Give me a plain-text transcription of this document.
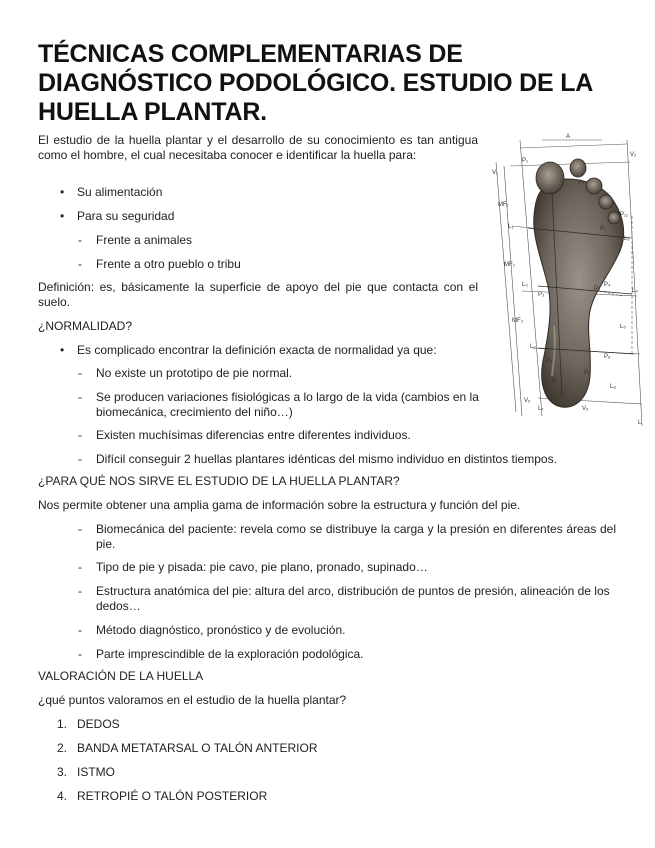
TÉCNICAS COMPLEMENTARIAS DE DIAGNÓSTICO PODOLÓGICO. ESTUDIO DE LA HUELLA PLANTAR.
El estudio de la huella plantar y el desarrollo de su conocimiento es tan antigua como el hombre, el cual necesitaba conocer e identificar la huella para:
• Su alimentación
• Para su seguridad
- Frente a animales
- Frente a otro pueblo o tribu
Definición: es, básicamente la superficie de apoyo del pie que contacta con el suelo.
¿NORMALIDAD?
• Es complicado encontrar la definición exacta de normalidad ya que:
- No existe un prototipo de pie normal.
- Se producen variaciones fisiológicas a lo largo de la vida (cambios en la biomecánica, crecimiento del niño…)
- Existen muchísimas diferencias entre diferentes individuos.
- Difícil conseguir 2 huellas plantares idénticas del mismo individuo en distintos tiempos.
¿PARA QUÉ NOS SIRVE EL ESTUDIO DE LA HUELLA PLANTAR?
Nos permite obtener una amplia gama de información sobre la estructura y función del pie.
- Biomecánica del paciente: revela como se distribuye la carga y la presión en diferentes áreas del pie.
- Tipo de pie y pisada: pie cavo, pie plano, pronado, supinado…
- Estructura anatómica del pie: altura del arco, distribución de puntos de presión, alineación de los dedos…
- Método diagnóstico, pronóstico y de evolución.
- Parte imprescindible de la exploración podológica.
VALORACIÓN DE LA HUELLA
¿qué puntos valoramos en el estudio de la huella plantar?
1. DEDOS
2. BANDA METATARSAL O TALÓN ANTERIOR
3. ISTMO
4. RETROPIÉ O TALÓN POSTERIOR
A
P₁
V₁
V₂
MF₁
L₁
P₂
P₂
P₁₁
L₂
MF₂
L₃
P₃
P₃
P₄
L₄
L₅
MF₃
P₅
L₆
P₆
P₈
P₇
L₈
V₅
V₆
L₇
L
